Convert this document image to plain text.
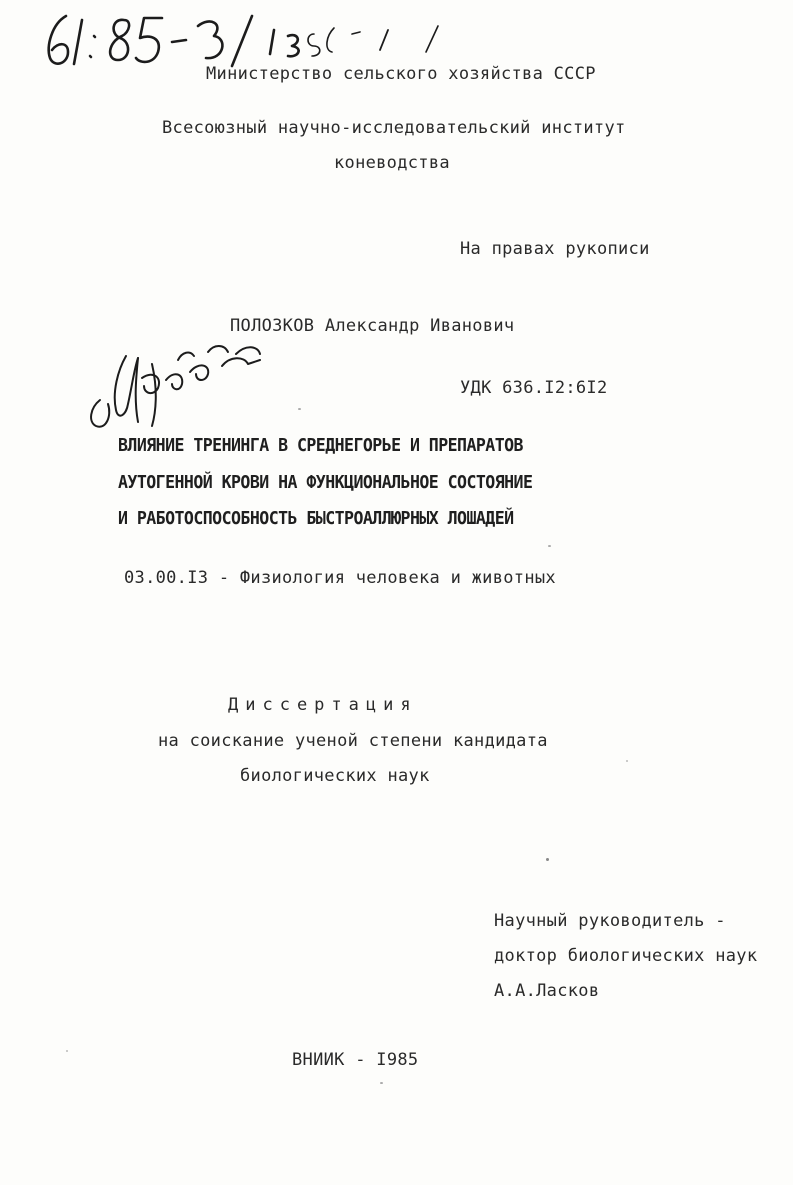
Министерство сельского хозяйства СССР
Всесоюзный научно-исследовательский институт
коневодства
На правах рукописи
ПОЛОЗКОВ Александр Иванович
УДК 636.I2:6I2
ВЛИЯНИЕ ТРЕНИНГА В СРЕДНЕГОРЬЕ И ПРЕПАРАТОВ
АУТОГЕННОЙ КРОВИ НА ФУНКЦИОНАЛЬНОЕ СОСТОЯНИЕ
И РАБОТОСПОСОБНОСТЬ БЫСТРОАЛЛЮРНЫХ ЛОШАДЕЙ
03.00.I3 - Физиология человека и животных
Диссертация
на соискание ученой степени кандидата
биологических наук
Научный руководитель -
доктор биологических наук
А.А.Ласков
ВНИИК - I985
